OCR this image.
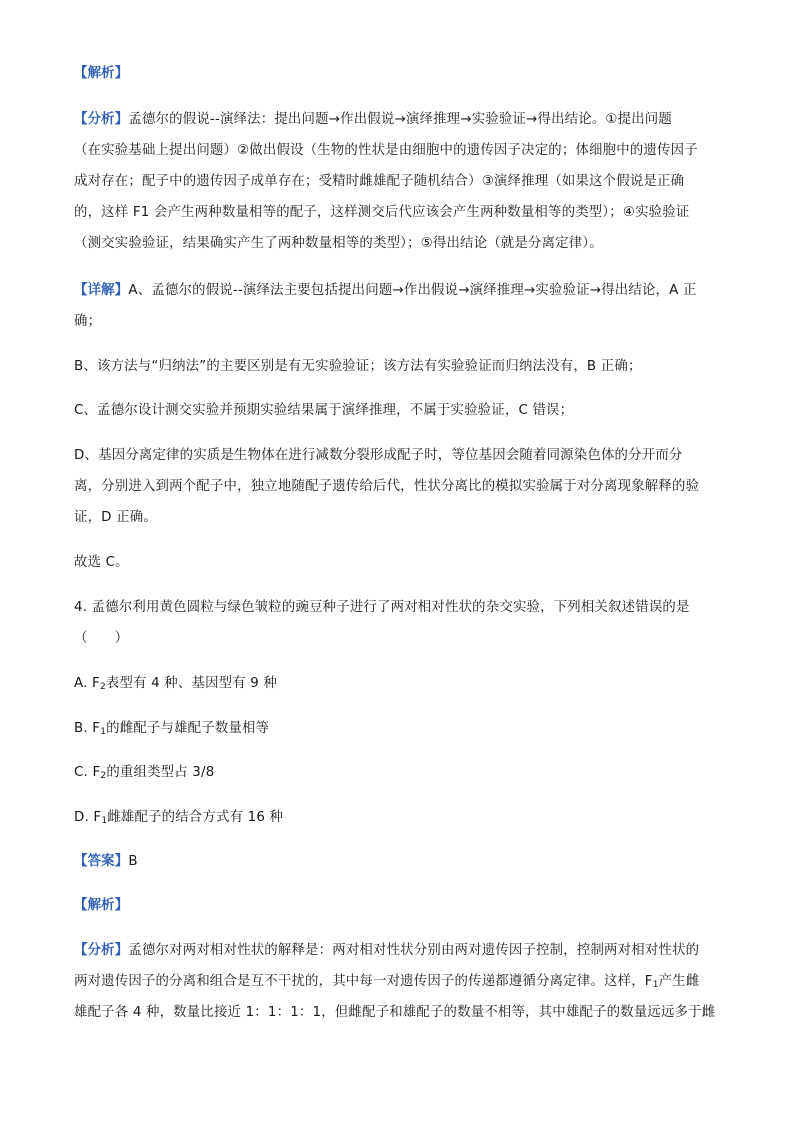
【解析】
【分析】孟德尔的假说--演绎法：提出问题→作出假说→演绎推理→实验验证→得出结论。①提出问题
（在实验基础上提出问题）②做出假设（生物的性状是由细胞中的遗传因子决定的；体细胞中的遗传因子
成对存在；配子中的遗传因子成单存在；受精时雌雄配子随机结合）③演绎推理（如果这个假说是正确
的，这样 F1 会产生两种数量相等的配子，这样测交后代应该会产生两种数量相等的类型）；④实验验证
（测交实验验证，结果确实产生了两种数量相等的类型）；⑤得出结论（就是分离定律）。
【详解】A、孟德尔的假说--演绎法主要包括提出问题→作出假说→演绎推理→实验验证→得出结论，A 正
确；
B、该方法与“归纳法”的主要区别是有无实验验证；该方法有实验验证而归纳法没有，B 正确；
C、孟德尔设计测交实验并预期实验结果属于演绎推理，不属于实验验证，C 错误；
D、基因分离定律的实质是生物体在进行减数分裂形成配子时，等位基因会随着同源染色体的分开而分
离，分别进入到两个配子中，独立地随配子遗传给后代，性状分离比的模拟实验属于对分离现象解释的验
证，D 正确。
故选 C。
4. 孟德尔利用黄色圆粒与绿色皱粒的豌豆种子进行了两对相对性状的杂交实验，下列相关叙述错误的是
（　　）
A. F2表型有 4 种、基因型有 9 种
B. F1的雌配子与雄配子数量相等
C. F2的重组类型占 3/8
D. F1雌雄配子的结合方式有 16 种
【答案】B
【解析】
【分析】孟德尔对两对相对性状的解释是：两对相对性状分别由两对遗传因子控制，控制两对相对性状的
两对遗传因子的分离和组合是互不干扰的，其中每一对遗传因子的传递都遵循分离定律。这样，F1产生雌
雄配子各 4 种，数量比接近 1：1：1：1，但雌配子和雄配子的数量不相等，其中雄配子的数量远远多于雌
